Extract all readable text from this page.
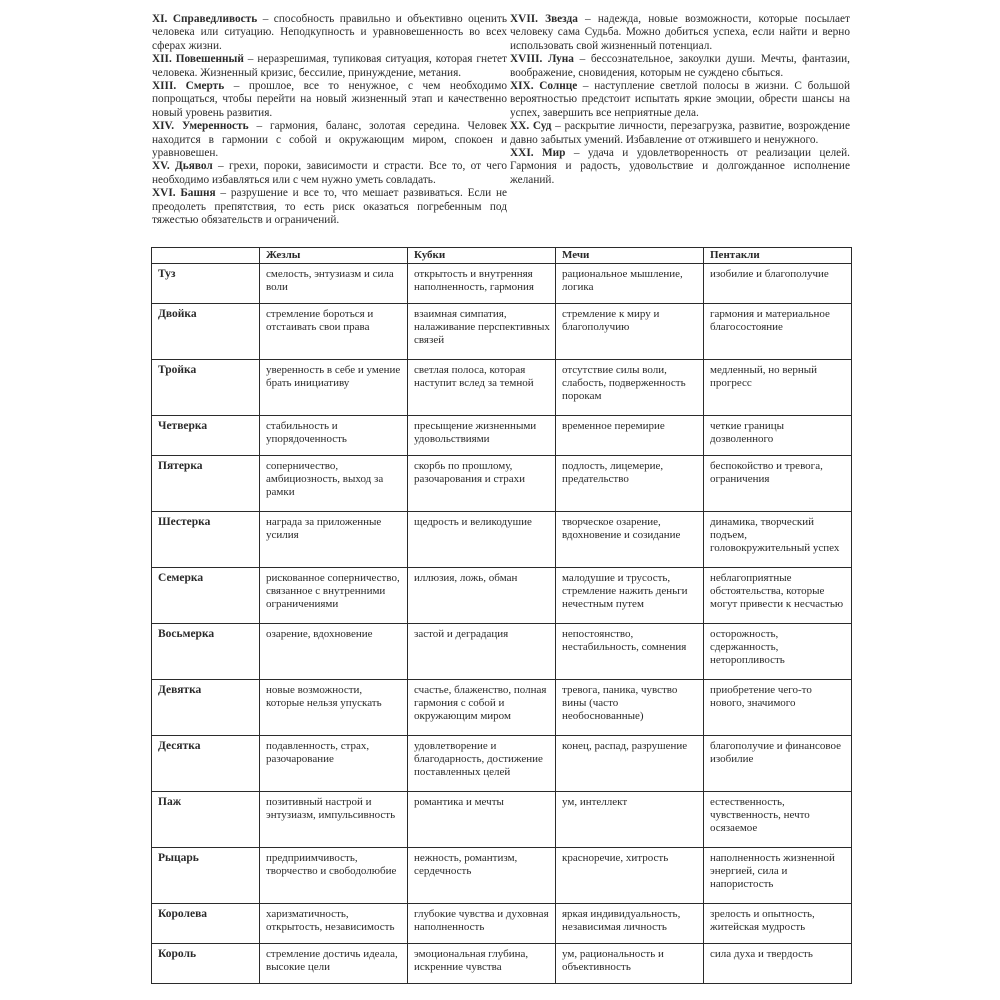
XI. Справедливость – способность правильно и объективно оценить человека или ситуацию. Неподкупность и уравновешенность во всех сферах жизни.

XII. Повешенный – неразрешимая, тупиковая ситуация, которая гнетет человека. Жизненный кризис, бессилие, принуждение, метания.

XIII. Смерть – прошлое, все то ненужное, с чем необходимо попрощаться, чтобы перейти на новый жизненный этап и качественно новый уровень развития.

XIV. Умеренность – гармония, баланс, золотая середина. Человек находится в гармонии с собой и окружающим миром, спокоен и уравновешен.

XV. Дьявол – грехи, пороки, зависимости и страсти. Все то, от чего необходимо избавляться или с чем нужно уметь совладать.

XVI. Башня – разрушение и все то, что мешает развиваться. Если не преодолеть препятствия, то есть риск оказаться погребенным под тяжестью обязательств и ограничений.

XVII. Звезда – надежда, новые возможности, которые посылает человеку сама Судьба. Можно добиться успеха, если найти и верно использовать свой жизненный потенциал.

XVIII. Луна – бессознательное, закоулки души. Мечты, фантазии, воображение, сновидения, которым не суждено сбыться.

XIX. Солнце – наступление светлой полосы в жизни. С большой вероятностью предстоит испытать яркие эмоции, обрести шансы на успех, завершить все неприятные дела.

XX. Суд – раскрытие личности, перезагрузка, развитие, возрождение давно забытых умений. Избавление от отжившего и ненужного.

XXI. Мир – удача и удовлетворенность от реализации целей. Гармония и радость, удовольствие и долгожданное исполнение желаний.

	Жезлы	Кубки	Мечи	Пентакли
Туз	смелость, энтузиазм и сила воли	открытость и внутренняя наполненность, гармония	рациональное мышление, логика	изобилие и благополучие
Двойка	стремление бороться и отстаивать свои права	взаимная симпатия, налаживание перспективных связей	стремление к миру и благополучию	гармония и материальное благосостояние
Тройка	уверенность в себе и умение брать инициативу	светлая полоса, которая наступит вслед за темной	отсутствие силы воли, слабость, подверженность порокам	медленный, но верный прогресс
Четверка	стабильность и упорядоченность	пресыщение жизненными удовольствиями	временное перемирие	четкие границы дозволенного
Пятерка	соперничество, амбициозность, выход за рамки	скорбь по прошлому, разочарования и страхи	подлость, лицемерие, предательство	беспокойство и тревога, ограничения
Шестерка	награда за приложенные усилия	щедрость и великодушие	творческое озарение, вдохновение и созидание	динамика, творческий подъем, головокружительный успех
Семерка	рискованное соперничество, связанное с внутренними ограничениями	иллюзия, ложь, обман	малодушие и трусость, стремление нажить деньги нечестным путем	неблагоприятные обстоятельства, которые могут привести к несчастью
Восьмерка	озарение, вдохновение	застой и деградация	непостоянство, нестабильность, сомнения	осторожность, сдержанность, неторопливость
Девятка	новые возможности, которые нельзя упускать	счастье, блаженство, полная гармония с собой и окружающим миром	тревога, паника, чувство вины (часто необоснованные)	приобретение чего-то нового, значимого
Десятка	подавленность, страх, разочарование	удовлетворение и благодарность, достижение поставленных целей	конец, распад, разрушение	благополучие и финансовое изобилие
Паж	позитивный настрой и энтузиазм, импульсивность	романтика и мечты	ум, интеллект	естественность, чувственность, нечто осязаемое
Рыцарь	предприимчивость, творчество и свободолюбие	нежность, романтизм, сердечность	красноречие, хитрость	наполненность жизненной энергией, сила и напористость
Королева	харизматичность, открытость, независимость	глубокие чувства и духовная наполненность	яркая индивидуальность, независимая личность	зрелость и опытность, житейская мудрость
Король	стремление достичь идеала, высокие цели	эмоциональная глубина, искренние чувства	ум, рациональность и объективность	сила духа и твердость
